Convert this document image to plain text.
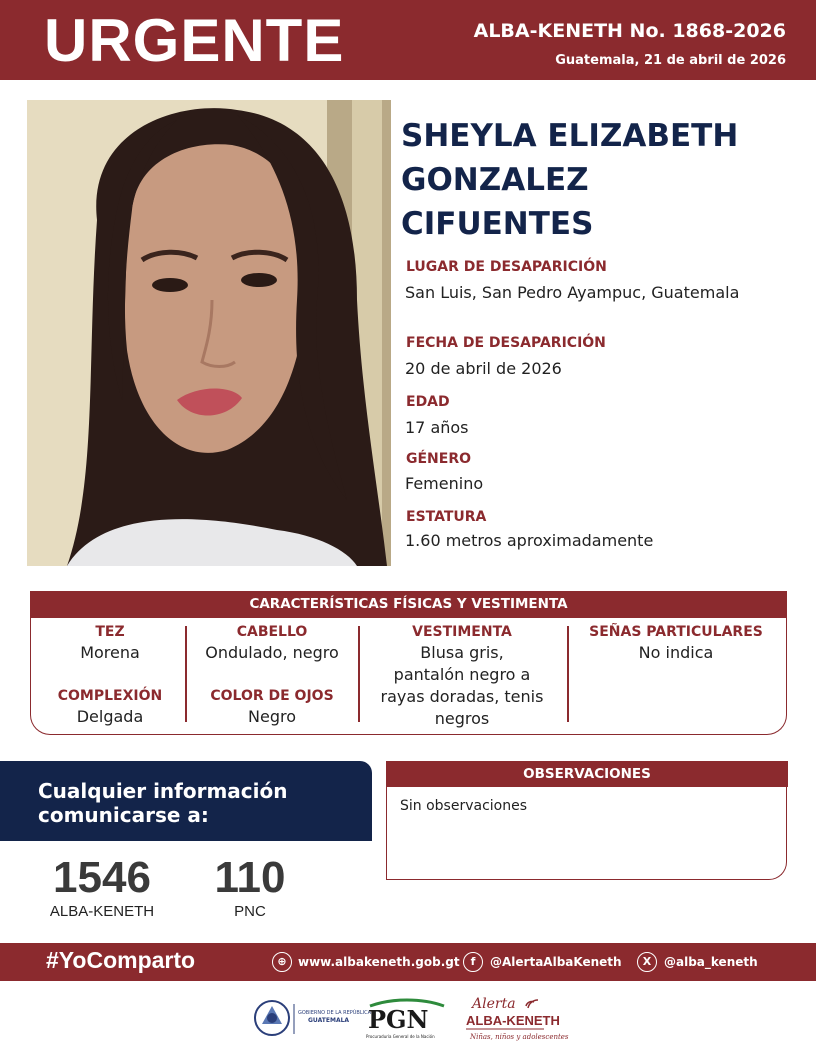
URGENTE	ALBA-KENETH No. 1868-2026
Guatemala, 21 de abril de 2026
SHEYLA ELIZABETH
GONZALEZ
CIFUENTES
LUGAR DE DESAPARICIÓN
San Luis, San Pedro Ayampuc, Guatemala
FECHA DE DESAPARICIÓN
20 de abril de 2026
EDAD
17 años
GÉNERO
Femenino
ESTATURA
1.60 metros aproximadamente
CARACTERÍSTICAS FÍSICAS Y VESTIMENTA
TEZ
Morena
COMPLEXIÓN
Delgada
CABELLO
Ondulado, negro
COLOR DE OJOS
Negro
VESTIMENTA
Blusa gris,
pantalón negro a
rayas doradas, tenis
negros
SEÑAS PARTICULARES
No indica
Cualquier información
comunicarse a:
1546
ALBA-KENETH
110
PNC
OBSERVACIONES
Sin observaciones
#YoComparto	⊕ www.albakeneth.gob.gt	f	@AlertaAlbaKeneth	X	@alba_keneth
GOBIERNO DE LA REPÚBLICA
GUATEMALA PGN
Procuraduría General de la Nación
Alerta
ALBA-KENETH
Niñas, niños y adolescentes
